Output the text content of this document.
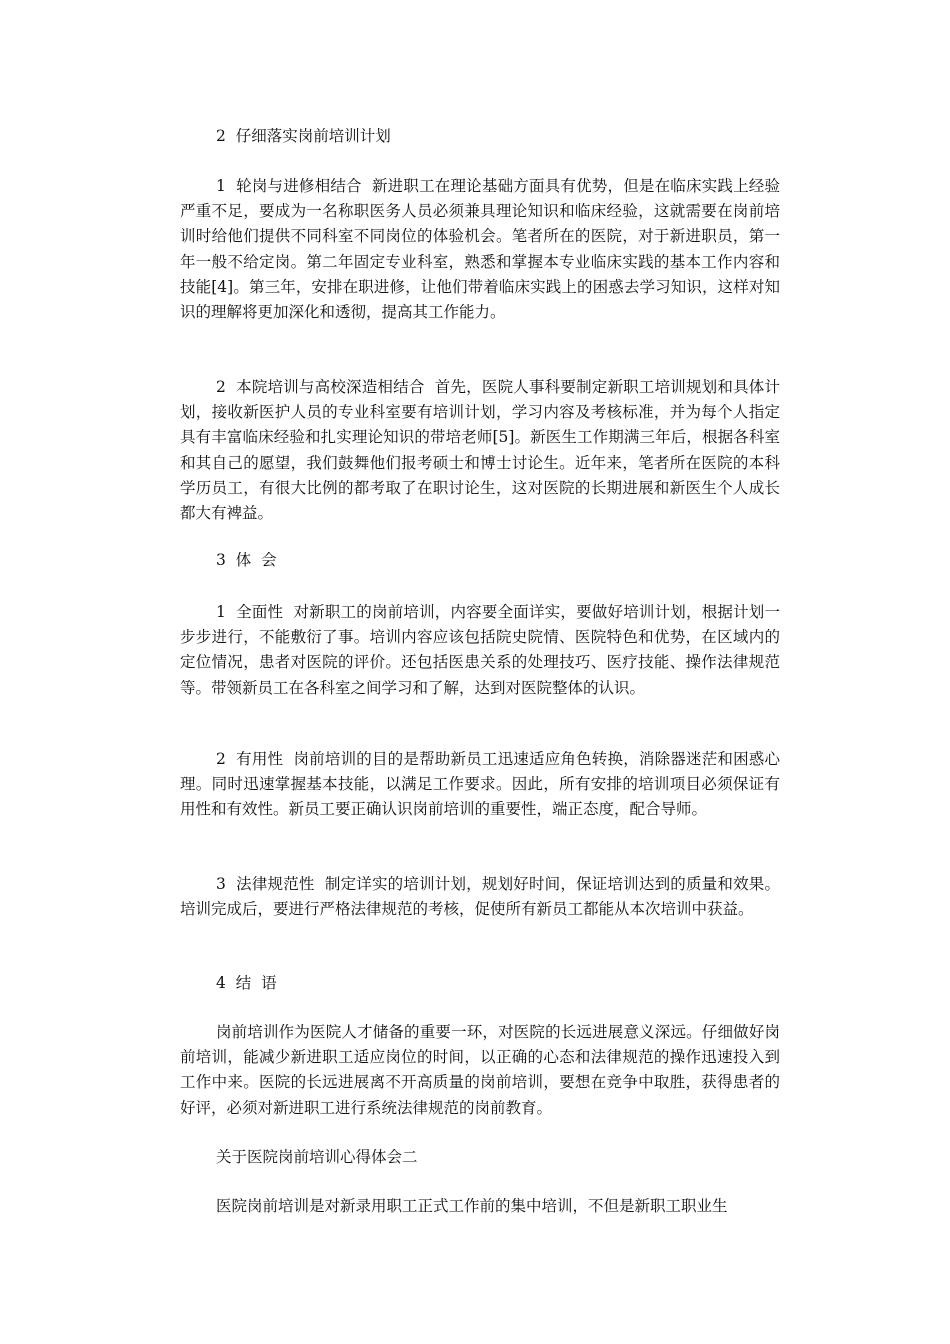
2  仔细落实岗前培训计划

1  轮岗与进修相结合  新进职工在理论基础方面具有优势，但是在临床实践上经验严重不足，要成为一名称职医务人员必须兼具理论知识和临床经验，这就需要在岗前培训时给他们提供不同科室不同岗位的体验机会。笔者所在的医院，对于新进职员，第一年一般不给定岗。第二年固定专业科室，熟悉和掌握本专业临床实践的基本工作内容和技能[4]。第三年，安排在职进修，让他们带着临床实践上的困惑去学习知识，这样对知识的理解将更加深化和透彻，提高其工作能力。

2  本院培训与高校深造相结合  首先，医院人事科要制定新职工培训规划和具体计划，接收新医护人员的专业科室要有培训计划，学习内容及考核标准，并为每个人指定具有丰富临床经验和扎实理论知识的带培老师[5]。新医生工作期满三年后，根据各科室和其自己的愿望，我们鼓舞他们报考硕士和博士讨论生。近年来，笔者所在医院的本科学历员工，有很大比例的都考取了在职讨论生，这对医院的长期进展和新医生个人成长都大有裨益。

3  体  会

1  全面性  对新职工的岗前培训，内容要全面详实，要做好培训计划，根据计划一步步进行，不能敷衍了事。培训内容应该包括院史院情、医院特色和优势，在区域内的定位情况，患者对医院的评价。还包括医患关系的处理技巧、医疗技能、操作法律规范等。带领新员工在各科室之间学习和了解，达到对医院整体的认识。

2  有用性  岗前培训的目的是帮助新员工迅速适应角色转换，消除器迷茫和困惑心理。同时迅速掌握基本技能，以满足工作要求。因此，所有安排的培训项目必须保证有用性和有效性。新员工要正确认识岗前培训的重要性，端正态度，配合导师。

3  法律规范性  制定详实的培训计划，规划好时间，保证培训达到的质量和效果。培训完成后，要进行严格法律规范的考核，促使所有新员工都能从本次培训中获益。

4  结  语

岗前培训作为医院人才储备的重要一环，对医院的长远进展意义深远。仔细做好岗前培训，能减少新进职工适应岗位的时间，以正确的心态和法律规范的操作迅速投入到工作中来。医院的长远进展离不开高质量的岗前培训，要想在竞争中取胜，获得患者的好评，必须对新进职工进行系统法律规范的岗前教育。

关于医院岗前培训心得体会二

医院岗前培训是对新录用职工正式工作前的集中培训，不但是新职工职业生
